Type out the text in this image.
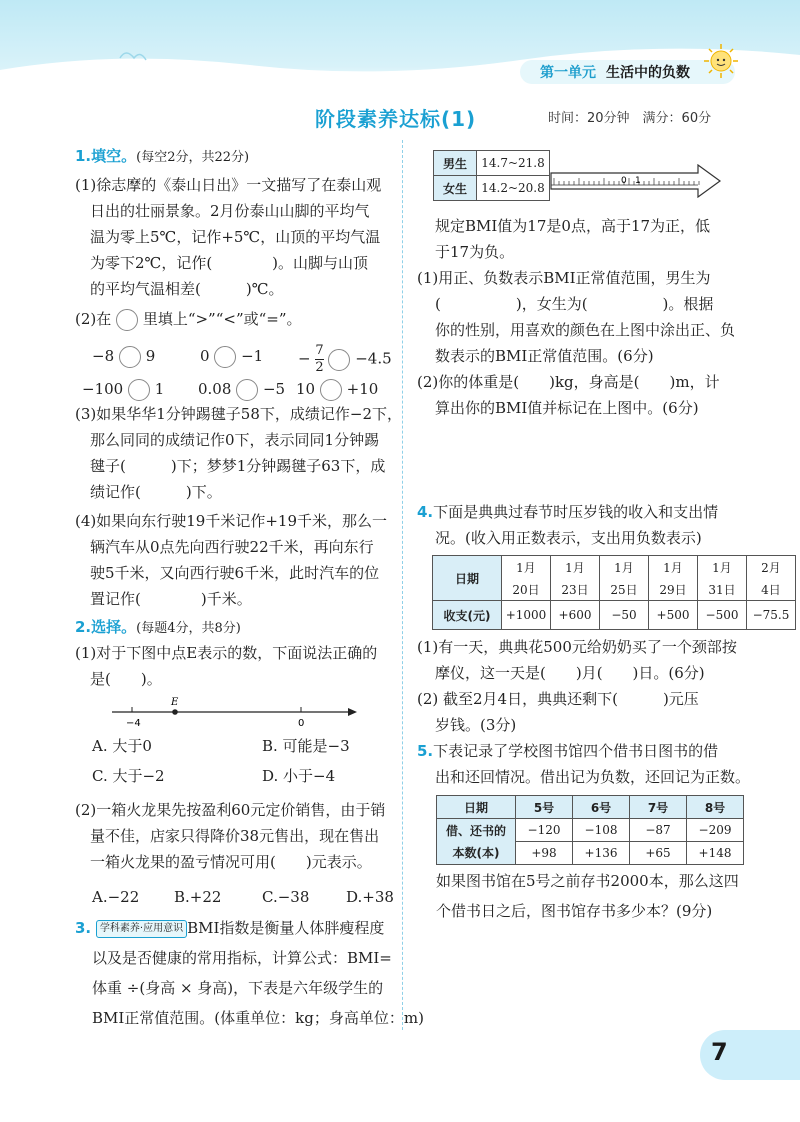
第一单元 生活中的负数
阶段素养达标(1)	时间：20分钟　满分：60分
1.填空。(每空2分，共22分)
(1)徐志摩的《泰山日出》一文描写了在泰山观
日出的壮丽景象。2月份泰山山脚的平均气
温为零上5℃，记作+5℃，山顶的平均气温
为零下2℃，记作(　　　　)。山脚与山顶
的平均气温相差(　　　)℃。
(2)在 里填上“>”“<”或“=”。
−8 9	$0 -1 - \frac{7}{2} -4.5$
−100 1 0.08 −5 10 +10
(3)如果华华1分钟踢毽子58下，成绩记作−2下，
那么同同的成绩记作0下，表示同同1分钟踢
毽子(　　　)下；梦梦1分钟踢毽子63下，成
绩记作(　　　)下。
(4)如果向东行驶19千米记作+19千米，那么一
辆汽车从0点先向西行驶22千米，再向东行
驶5千米，又向西行驶6千米，此时汽车的位
置记作(　　　　)千米。
2.选择。(每题4分，共8分)
(1)对于下图中点E表示的数，下面说法正确的
是(　　)。
E
−4	0
A. 大于0	B. 可能是−3
C. 大于−2	D. 小于−4
(2)一箱火龙果先按盈利60元定价销售，由于销
量不佳，店家只得降价38元售出，现在售出
一箱火龙果的盈亏情况可用(　　)元表示。
A.−22 B.+22	C.−38 D.+38
3. 学科素养·应用意识 BMI指数是衡量人体胖瘦程度
以及是否健康的常用指标，计算公式：BMI=
体重 ÷(身高 × 身高)，下表是六年级学生的
BMI正常值范围。(体重单位：kg；身高单位：m)
男生	14.7~21.8
女生	14.2~20.8	0 1
规定BMI值为17是0点，高于17为正，低
于17为负。
(1)用正、负数表示BMI正常值范围，男生为
(　　　　　)，女生为(　　　　　)。根据
你的性别，用喜欢的颜色在上图中涂出正、负
数表示的BMI正常值范围。(6分)
(2)你的体重是(　　)kg，身高是(　　)m，计
算出你的BMI值并标记在上图中。(6分)
4.下面是典典过春节时压岁钱的收入和支出情
况。(收入用正数表示，支出用负数表示)
日期	1月	1月	1月	1月	1月	2月
	20日	23日	25日	29日	31日	4日
收支(元)	+1000	+600	−50	+500	−500	−75.5
(1)有一天，典典花500元给奶奶买了一个颈部按
摩仪，这一天是(　　)月(　　)日。(6分)
(2) 截至2月4日，典典还剩下(　　　)元压
岁钱。(3分)
5.下表记录了学校图书馆四个借书日图书的借
出和还回情况。借出记为负数，还回记为正数。
日期	5号	6号	7号	8号
借、还书的	−120	−108	−87	−209
本数(本)	+98	+136	+65	+148
如果图书馆在5号之前存书2000本，那么这四
个借书日之后，图书馆存书多少本？(9分)
7
